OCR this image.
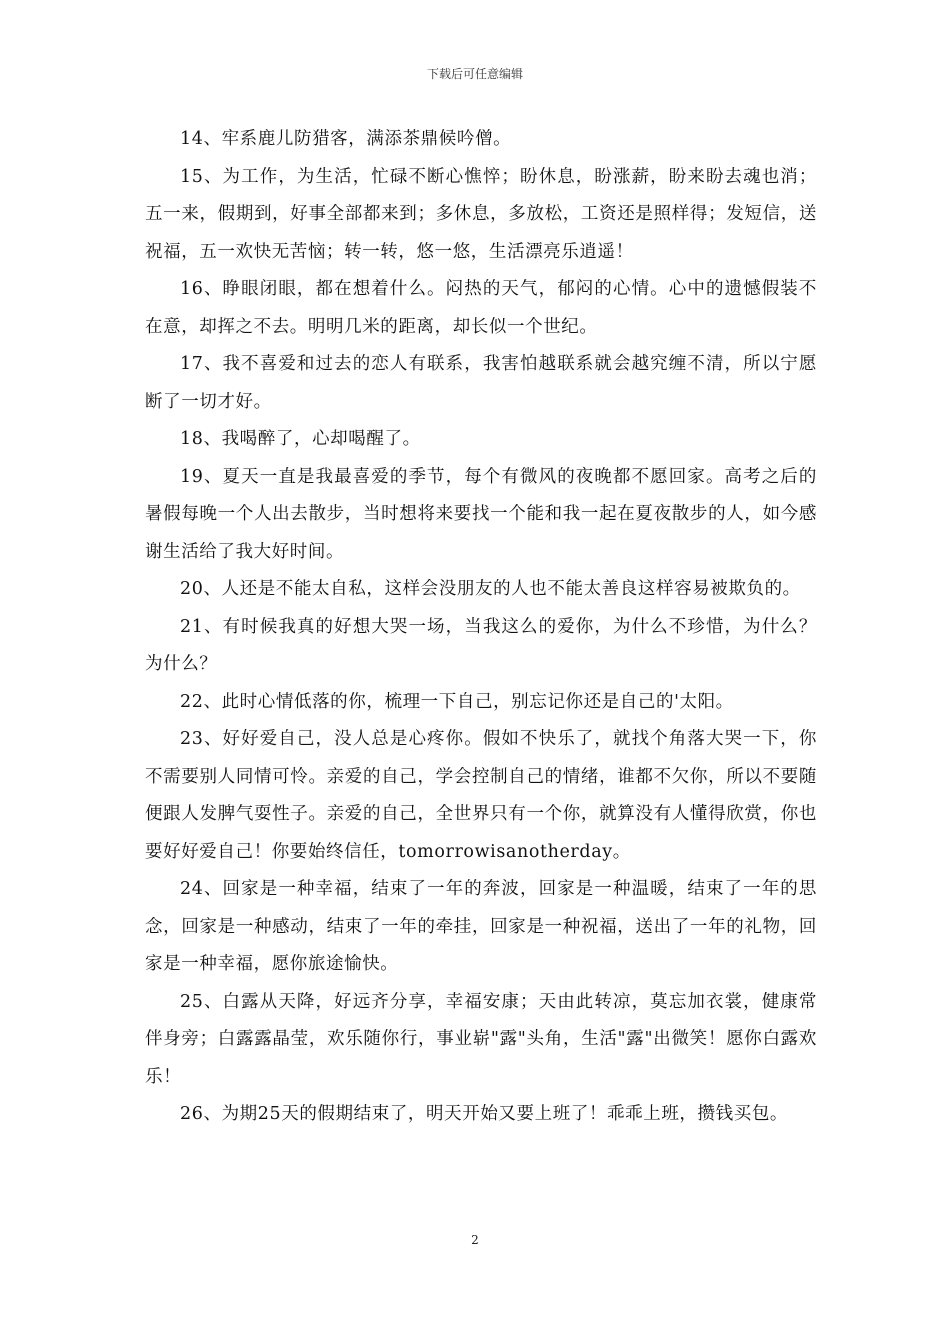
下载后可任意编辑

14、牢系鹿儿防猎客，满添茶鼎候吟僧。

15、为工作，为生活，忙碌不断心憔悴；盼休息，盼涨薪，盼来盼去魂也消；五一来，假期到，好事全部都来到；多休息，多放松，工资还是照样得；发短信，送祝福，五一欢快无苦恼；转一转，悠一悠，生活漂亮乐逍遥！

16、睁眼闭眼，都在想着什么。闷热的天气，郁闷的心情。心中的遗憾假装不在意，却挥之不去。明明几米的距离，却长似一个世纪。

17、我不喜爱和过去的恋人有联系，我害怕越联系就会越究缠不清，所以宁愿断了一切才好。

18、我喝醉了，心却喝醒了。

19、夏天一直是我最喜爱的季节，每个有微风的夜晚都不愿回家。高考之后的暑假每晚一个人出去散步，当时想将来要找一个能和我一起在夏夜散步的人，如今感谢生活给了我大好时间。

20、人还是不能太自私，这样会没朋友的人也不能太善良这样容易被欺负的。

21、有时候我真的好想大哭一场，当我这么的爱你，为什么不珍惜，为什么？为什么？

22、此时心情低落的你，梳理一下自己，别忘记你还是自己的'太阳。

23、好好爱自己，没人总是心疼你。假如不快乐了，就找个角落大哭一下，你不需要别人同情可怜。亲爱的自己，学会控制自己的情绪，谁都不欠你，所以不要随便跟人发脾气耍性子。亲爱的自己，全世界只有一个你，就算没有人懂得欣赏，你也要好好爱自己！你要始终信任，tomorrowisanotherday。

24、回家是一种幸福，结束了一年的奔波，回家是一种温暖，结束了一年的思念，回家是一种感动，结束了一年的牵挂，回家是一种祝福，送出了一年的礼物，回家是一种幸福，愿你旅途愉快。

25、白露从天降，好远齐分享，幸福安康；天由此转凉，莫忘加衣裳，健康常伴身旁；白露露晶莹，欢乐随你行，事业崭"露"头角，生活"露"出微笑！愿你白露欢乐！

26、为期25天的假期结束了，明天开始又要上班了！乖乖上班，攒钱买包。

2
